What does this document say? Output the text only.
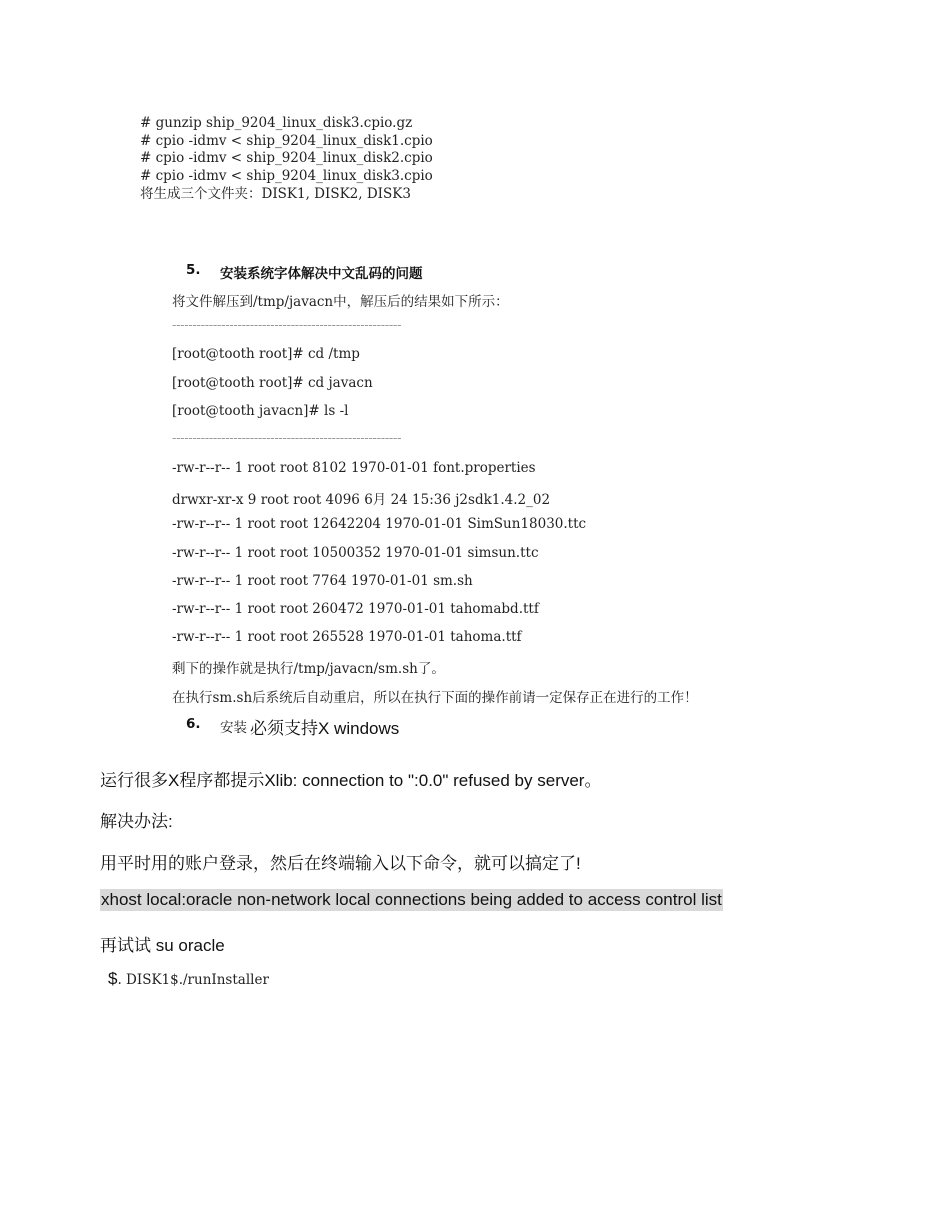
# gunzip ship_9204_linux_disk3.cpio.gz
# cpio -idmv < ship_9204_linux_disk1.cpio
# cpio -idmv < ship_9204_linux_disk2.cpio
# cpio -idmv < ship_9204_linux_disk3.cpio
将生成三个文件夹：DISK1, DISK2, DISK3
5. 安装系统字体解决中文乱码的问题
将文件解压到/tmp/javacn中，解压后的结果如下所示：
--------------------------------------------------------
[root@tooth root]# cd /tmp
[root@tooth root]# cd javacn
[root@tooth javacn]# ls -l
--------------------------------------------------------
-rw-r--r-- 1 root root 8102 1970-01-01 font.properties
drwxr-xr-x 9 root root 4096 6月 24 15:36 j2sdk1.4.2_02
-rw-r--r-- 1 root root 12642204 1970-01-01 SimSun18030.ttc
-rw-r--r-- 1 root root 10500352 1970-01-01 simsun.ttc
-rw-r--r-- 1 root root 7764 1970-01-01 sm.sh
-rw-r--r-- 1 root root 260472 1970-01-01 tahomabd.ttf
-rw-r--r-- 1 root root 265528 1970-01-01 tahoma.ttf
剩下的操作就是执行/tmp/javacn/sm.sh了。
在执行sm.sh后系统后自动重启，所以在执行下面的操作前请一定保存正在进行的工作！
6. 安装 必须支持X windows
运行很多X程序都提示Xlib: connection to ":0.0" refused by server。
解决办法:
用平时用的账户登录，然后在终端输入以下命令，就可以搞定了!
xhost local:oracle non-network local connections being added to access control list
再试试 su oracle

$. DISK1$./runInstaller
